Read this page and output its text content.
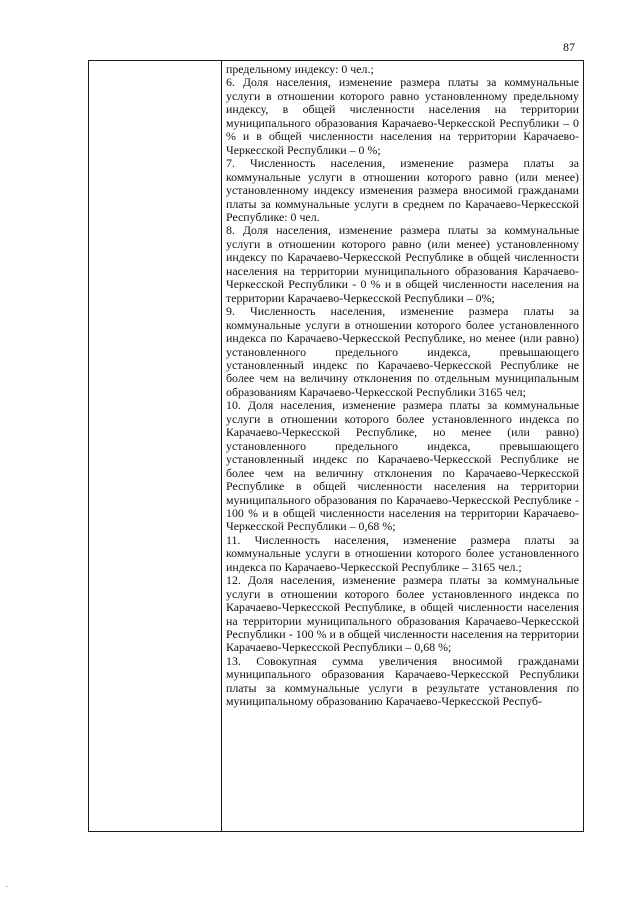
87

предельному индексу: 0 чел.;

6. Доля населения, изменение размера платы за коммунальные услуги в отношении которого равно установленному предельному индексу, в общей численности населения на территории муниципального образования Карачаево-Черкесской Республики – 0 % и в общей численности населения на территории Карачаево-Черкесской Республики – 0 %;

7. Численность населения, изменение размера платы за коммунальные услуги в отношении которого равно (или менее) установленному индексу изменения размера вносимой гражданами платы за коммунальные услуги в среднем по Карачаево-Черкесской Республике: 0 чел.

8. Доля населения, изменение размера платы за коммунальные услуги в отношении которого равно (или менее) установленному индексу по Карачаево-Черкесской Республике в общей численности населения на территории муниципального образования Карачаево-Черкесской Республики - 0 % и в общей численности населения на территории Карачаево-Черкесской Республики – 0%;

9. Численность населения, изменение размера платы за коммунальные услуги в отношении которого более установленного индекса по Карачаево-Черкесской Республике, но менее (или равно) установленного предельного индекса, превышающего установленный индекс по Карачаево-Черкесской Республике не более чем на величину отклонения по отдельным муниципальным образованиям Карачаево-Черкесской Республики 3165 чел;

10. Доля населения, изменение размера платы за коммунальные услуги в отношении которого более установленного индекса по Карачаево-Черкесской Республике, но менее (или равно) установленного предельного индекса, превышающего установленный индекс по Карачаево-Черкесской Республике не более чем на величину отклонения по Карачаево-Черкесской Республике в общей численности населения на территории муниципального образования по Карачаево-Черкесской Республике - 100 % и в общей численности населения на территории Карачаево-Черкесской Республики – 0,68 %;

11. Численность населения, изменение размера платы за коммунальные услуги в отношении которого более установленного индекса по Карачаево-Черкесской Республике – 3165 чел.;

12. Доля населения, изменение размера платы за коммунальные услуги в отношении которого более установленного индекса по Карачаево-Черкесской Республике, в общей численности населения на территории муниципального образования Карачаево-Черкесской Республики - 100 % и в общей численности населения на территории Карачаево-Черкесской Республики – 0,68 %;

13. Совокупная сумма увеличения вносимой гражданами муниципального образования Карачаево-Черкесской Республики платы за коммунальные услуги в результате установления по муниципальному образованию Карачаево-Черкесской Респуб-

.
